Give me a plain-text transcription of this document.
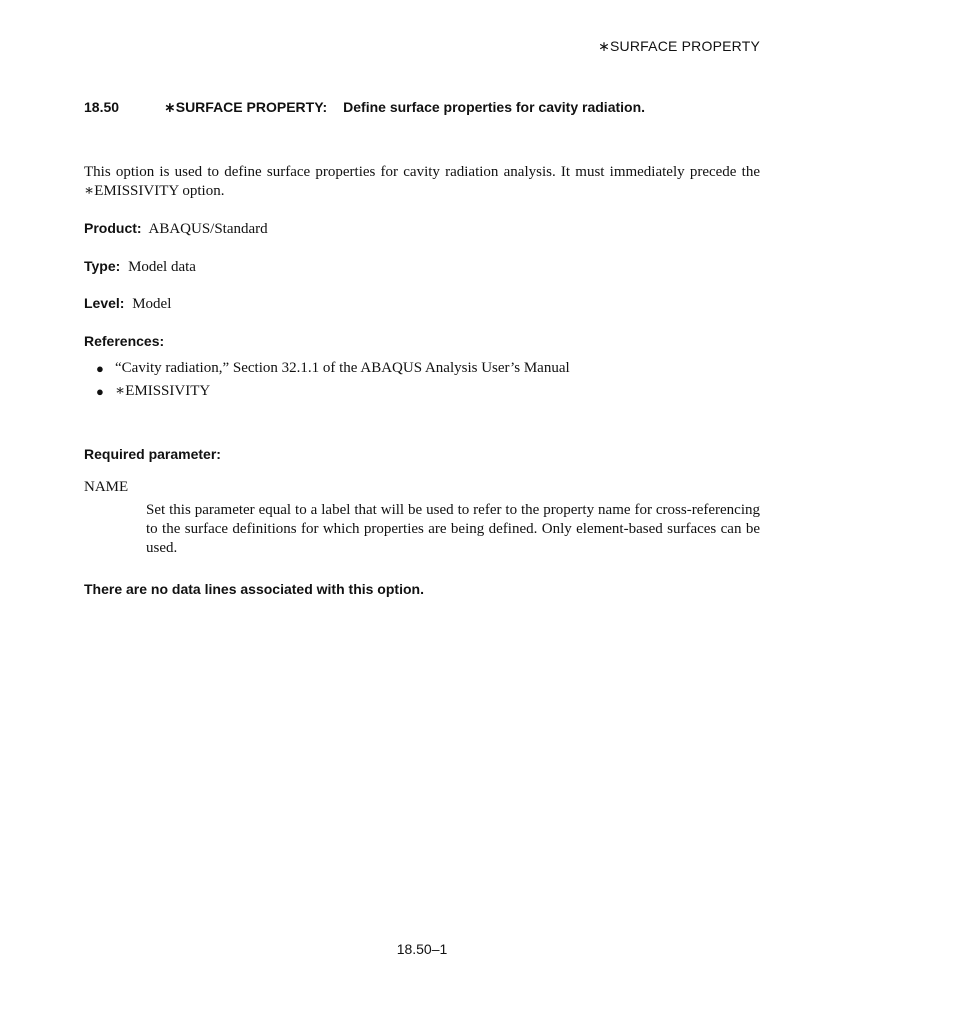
∗SURFACE PROPERTY
18.50	∗SURFACE PROPERTY: Define surface properties for cavity radiation.
This option is used to define surface properties for cavity radiation analysis. It must immediately precede the ∗EMISSIVITY option.
Product: ABAQUS/Standard
Type: Model data
Level: Model
References:
● “Cavity radiation,” Section 32.1.1 of the ABAQUS Analysis User’s Manual
● ∗EMISSIVITY
Required parameter:
NAME
Set this parameter equal to a label that will be used to refer to the property name for cross-referencing to the surface definitions for which properties are being defined. Only element-based surfaces can be used.
There are no data lines associated with this option.
18.50–1
